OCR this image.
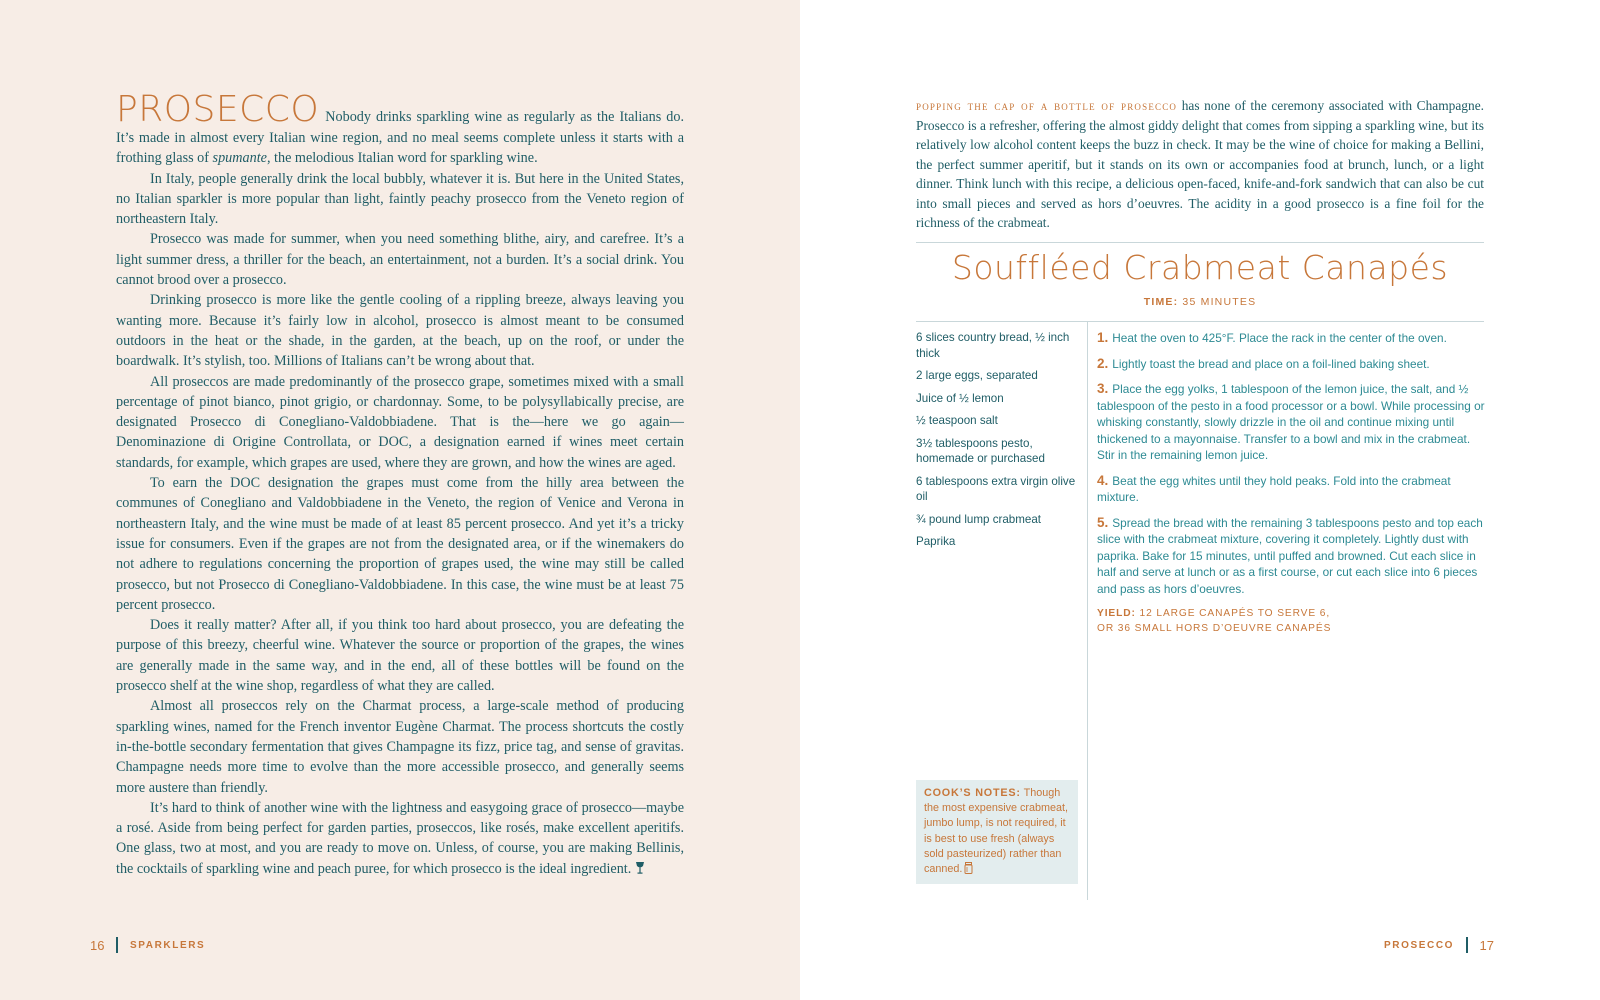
PROSECCO Nobody drinks sparkling wine as regularly as the Italians do. It’s made in almost every Italian wine region, and no meal seems complete unless it starts with a frothing glass of spumante, the melodious Italian word for sparkling wine.

In Italy, people generally drink the local bubbly, whatever it is. But here in the United States, no Italian sparkler is more popular than light, faintly peachy prosecco from the Veneto region of northeastern Italy.

Prosecco was made for summer, when you need something blithe, airy, and carefree. It’s a light summer dress, a thriller for the beach, an entertainment, not a burden. It’s a social drink. You cannot brood over a prosecco.

Drinking prosecco is more like the gentle cooling of a rippling breeze, always leaving you wanting more. Because it’s fairly low in alcohol, prosecco is almost meant to be consumed outdoors in the heat or the shade, in the garden, at the beach, up on the roof, or under the boardwalk. It’s stylish, too. Millions of Italians can’t be wrong about that.

All proseccos are made predominantly of the prosecco grape, sometimes mixed with a small percentage of pinot bianco, pinot grigio, or chardonnay. Some, to be polysyllabically precise, are designated Prosecco di Conegliano-Valdobbiadene. That is the—here we go again—Denominazione di Origine Controllata, or DOC, a designation earned if wines meet certain standards, for example, which grapes are used, where they are grown, and how the wines are aged.

To earn the DOC designation the grapes must come from the hilly area between the communes of Conegliano and Valdobbiadene in the Veneto, the region of Venice and Verona in northeastern Italy, and the wine must be made of at least 85 percent prosecco. And yet it’s a tricky issue for consumers. Even if the grapes are not from the designated area, or if the winemakers do not adhere to regulations concerning the proportion of grapes used, the wine may still be called prosecco, but not Prosecco di Conegliano-Valdobbiadene. In this case, the wine must be at least 75 percent prosecco.

Does it really matter? After all, if you think too hard about prosecco, you are defeating the purpose of this breezy, cheerful wine. Whatever the source or proportion of the grapes, the wines are generally made in the same way, and in the end, all of these bottles will be found on the prosecco shelf at the wine shop, regardless of what they are called.

Almost all proseccos rely on the Charmat process, a large-scale method of producing sparkling wines, named for the French inventor Eugène Charmat. The process shortcuts the costly in-the-bottle secondary fermentation that gives Champagne its fizz, price tag, and sense of gravitas. Champagne needs more time to evolve than the more accessible prosecco, and generally seems more austere than friendly.

It’s hard to think of another wine with the lightness and easygoing grace of prosecco—maybe a rosé. Aside from being perfect for garden parties, proseccos, like rosés, make excellent aperitifs. One glass, two at most, and you are ready to move on. Unless, of course, you are making Bellinis, the cocktails of sparkling wine and peach puree, for which prosecco is the ideal ingredient.

16	SPARKLERS

popping the cap of a bottle of prosecco has none of the ceremony associated with Champagne. Prosecco is a refresher, offering the almost giddy delight that comes from sipping a sparkling wine, but its relatively low alcohol content keeps the buzz in check. It may be the wine of choice for making a Bellini, the perfect summer aperitif, but it stands on its own or accompanies food at brunch, lunch, or a light dinner. Think lunch with this recipe, a delicious open-faced, knife-and-fork sandwich that can also be cut into small pieces and served as hors d’oeuvres. The acidity in a good prosecco is a fine foil for the richness of the crabmeat.

Souffléed Crabmeat Canapés
TIME: 35 MINUTES
6 slices country bread, ½ inch thick
2 large eggs, separated
Juice of ½ lemon
½ teaspoon salt
3½ tablespoons pesto, homemade or purchased
6 tablespoons extra virgin olive oil
¾ pound lump crabmeat
Paprika
1. Heat the oven to 425°F. Place the rack in the center of the oven.
2. Lightly toast the bread and place on a foil-lined baking sheet.
3. Place the egg yolks, 1 tablespoon of the lemon juice, the salt, and ½ tablespoon of the pesto in a food processor or a bowl. While processing or whisking constantly, slowly drizzle in the oil and continue mixing until thickened to a mayonnaise. Transfer to a bowl and mix in the crabmeat. Stir in the remaining lemon juice.
4. Beat the egg whites until they hold peaks. Fold into the crabmeat mixture.
5. Spread the bread with the remaining 3 tablespoons pesto and top each slice with the crabmeat mixture, covering it completely. Lightly dust with paprika. Bake for 15 minutes, until puffed and browned. Cut each slice in half and serve at lunch or as a first course, or cut each slice into 6 pieces and pass as hors d’oeuvres.
YIELD: 12 LARGE CANAPÉS TO SERVE 6,
OR 36 SMALL HORS D’OEUVRE CANAPÉS
COOK’S NOTES: Though the most expensive crabmeat, jumbo lump, is not required, it is best to use fresh (always sold pasteurized) rather than canned.
PROSECCO 17
